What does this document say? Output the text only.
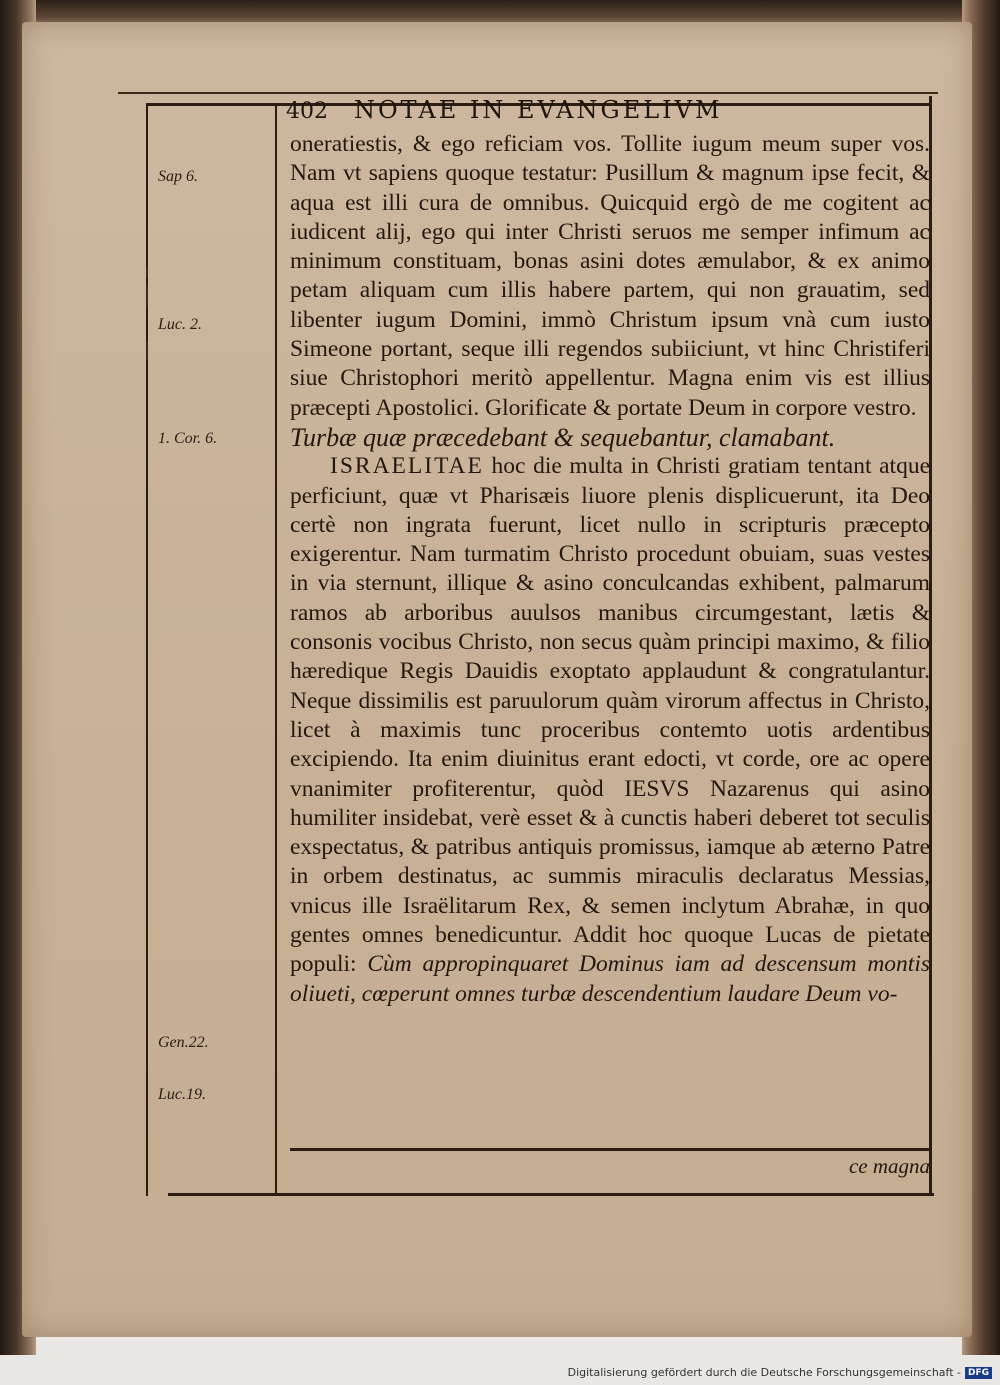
402 NOTAE IN EVANGELIVM
Sap 6.
Luc. 2.
1. Cor. 6.
Gen.22.
Luc.19.

oneratiestis, & ego reficiam vos. Tollite iugum meum super vos. Nam vt sapiens quoque testatur: Pusillum & magnum ipse fecit, & aqua est illi cura de omnibus. Quicquid ergò de me cogitent ac iudicent alij, ego qui inter Christi seruos me semper infimum ac minimum constituam, bonas asini dotes æmulabor, & ex animo petam aliquam cum illis habere partem, qui non grauatim, sed libenter iugum Domini, immò Christum ipsum vnà cum iusto Simeone portant, seque illi regendos subiiciunt, vt hinc Christiferi siue Christophori meritò appellentur. Magna enim vis est illius præcepti Apostolici. Glorificate & portate Deum in corpore vestro.

Turbæ quæ præcedebant & sequebantur, clamabant.

ISRAELITAE hoc die multa in Christi gratiam tentant atque perficiunt, quæ vt Pharisæis liuore plenis displicuerunt, ita Deo certè non ingrata fuerunt, licet nullo in scripturis præcepto exigerentur. Nam turmatim Christo procedunt obuiam, suas vestes in via sternunt, illique & asino conculcandas exhibent, palmarum ramos ab arboribus auulsos manibus circumgestant, lætis & consonis vocibus Christo, non secus quàm principi maximo, & filio hæredique Regis Dauidis exoptato applaudunt & congratulantur. Neque dissimilis est paruulorum quàm virorum affectus in Christo, licet à maximis tunc proceribus contemto uotis ardentibus excipiendo. Ita enim diuinitus erant edocti, vt corde, ore ac opere vnanimiter profiterentur, quòd IESVS Nazarenus qui asino humiliter insidebat, verè esset & à cunctis haberi deberet tot seculis exspectatus, & patribus antiquis promissus, iamque ab æterno Patre in orbem destinatus, ac summis miraculis declaratus Messias, vnicus ille Israëlitarum Rex, & semen inclytum Abrahæ, in quo gentes omnes benedicuntur. Addit hoc quoque Lucas de pietate populi: Cùm appropinquaret Dominus iam ad descensum montis oliueti, cœperunt omnes turbæ descendentium laudare Deum vo-

ce magna
Digitalisierung gefördert durch die Deutsche Forschungsgemeinschaft - DFG
